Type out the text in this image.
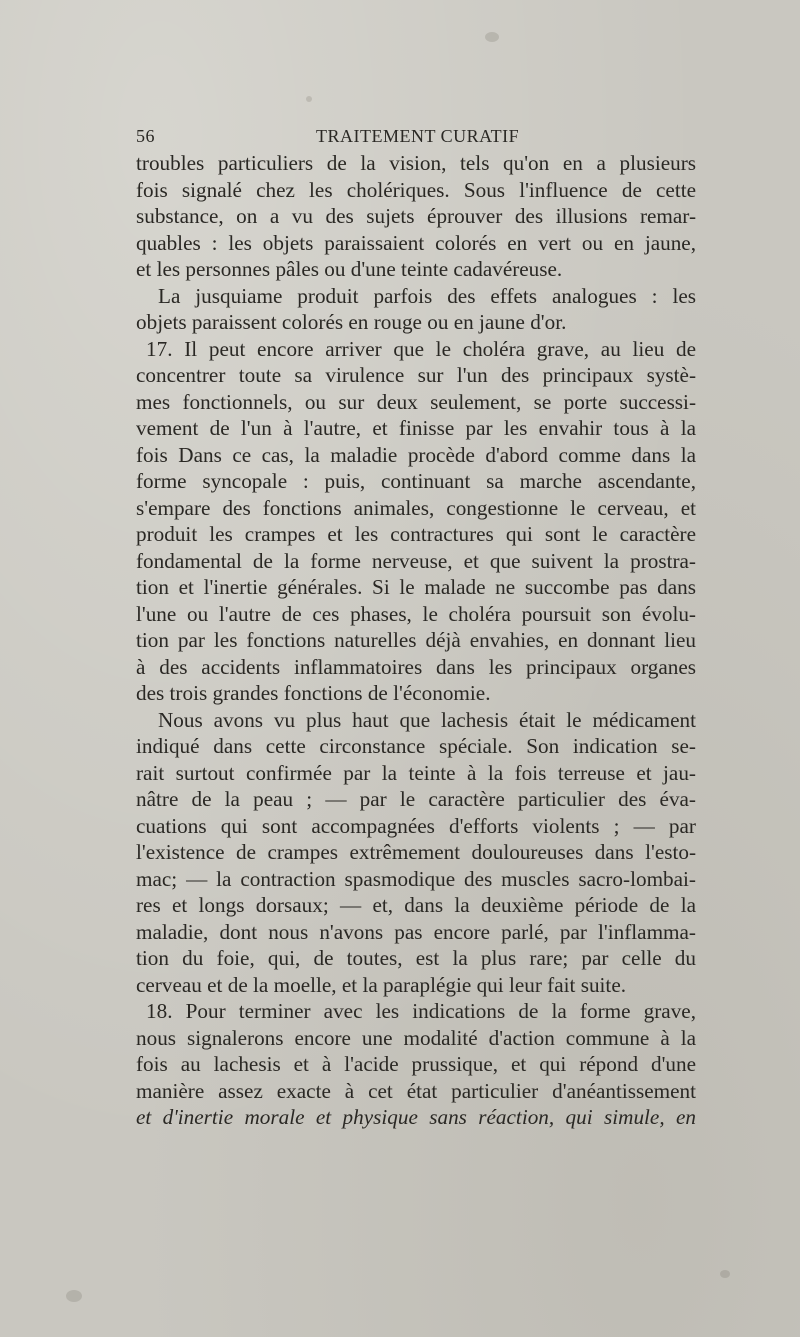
56	TRAITEMENT CURATIF
troubles particuliers de la vision, tels qu'on en a plusieurs
fois signalé chez les cholériques. Sous l'influence de cette
substance, on a vu des sujets éprouver des illusions remar-
quables : les objets paraissaient colorés en vert ou en jaune,
et les personnes pâles ou d'une teinte cadavéreuse.
La jusquiame produit parfois des effets analogues : les
objets paraissent colorés en rouge ou en jaune d'or.
17. Il peut encore arriver que le choléra grave, au lieu de
concentrer toute sa virulence sur l'un des principaux systè-
mes fonctionnels, ou sur deux seulement, se porte successi-
vement de l'un à l'autre, et finisse par les envahir tous à la
fois Dans ce cas, la maladie procède d'abord comme dans la
forme syncopale : puis, continuant sa marche ascendante,
s'empare des fonctions animales, congestionne le cerveau, et
produit les crampes et les contractures qui sont le caractère
fondamental de la forme nerveuse, et que suivent la prostra-
tion et l'inertie générales. Si le malade ne succombe pas dans
l'une ou l'autre de ces phases, le choléra poursuit son évolu-
tion par les fonctions naturelles déjà envahies, en donnant lieu
à des accidents inflammatoires dans les principaux organes
des trois grandes fonctions de l'économie.
Nous avons vu plus haut que lachesis était le médicament
indiqué dans cette circonstance spéciale. Son indication se-
rait surtout confirmée par la teinte à la fois terreuse et jau-
nâtre de la peau ; — par le caractère particulier des éva-
cuations qui sont accompagnées d'efforts violents ; — par
l'existence de crampes extrêmement douloureuses dans l'esto-
mac; — la contraction spasmodique des muscles sacro-lombai-
res et longs dorsaux; — et, dans la deuxième période de la
maladie, dont nous n'avons pas encore parlé, par l'inflamma-
tion du foie, qui, de toutes, est la plus rare; par celle du
cerveau et de la moelle, et la paraplégie qui leur fait suite.
18. Pour terminer avec les indications de la forme grave,
nous signalerons encore une modalité d'action commune à la
fois au lachesis et à l'acide prussique, et qui répond d'une
manière assez exacte à cet état particulier d'anéantissement
et d'inertie morale et physique sans réaction, qui simule, en
